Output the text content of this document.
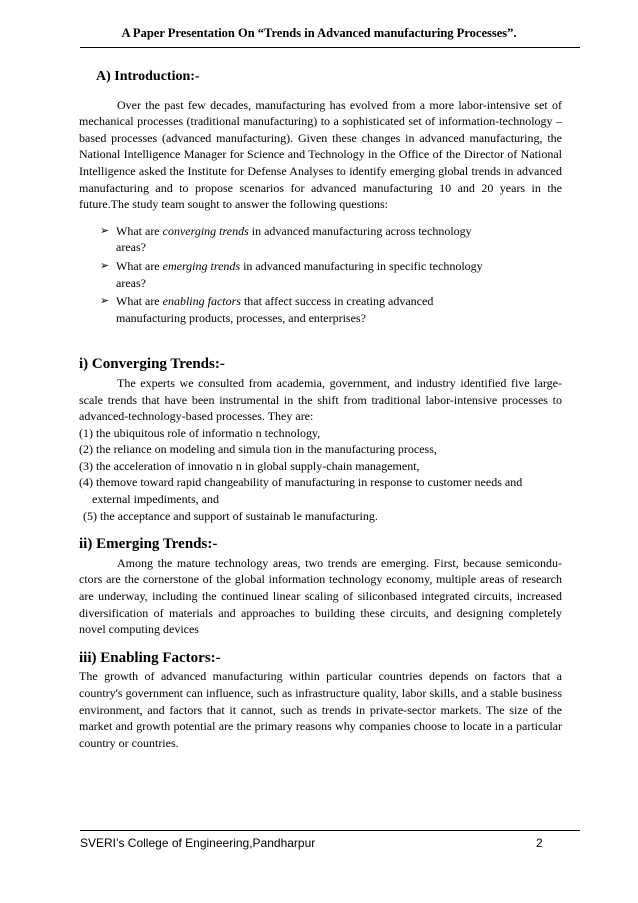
A Paper Presentation On “Trends in Advanced manufacturing Processes”.
A) Introduction:-

Over the past few decades, manufacturing has evolved from a more labor-intensive set of mechanical processes (traditional manufacturing) to a sophisticated set of information-technology –based processes (advanced manufacturing). Given these changes in advanced manufacturing, the National Intelligence Manager for Science and Technology in the Office of the Director of National Intelligence asked the Institute for Defense Analyses to identify emerging global trends in advanced manufacturing and to propose scenarios for advanced manufacturing 10 and 20 years in the future.The study team sought to answer the following questions:

➢ What are converging trends in advanced manufacturing across technology
areas?
➢ What are emerging trends in advanced manufacturing in specific technology
areas?
➢ What are enabling factors that affect success in creating advanced
manufacturing products, processes, and enterprises?
i) Converging Trends:-

The experts we consulted from academia, government, and industry identified five large-scale trends that have been instrumental in the shift from traditional labor-intensive processes to advanced-technology-based processes. They are:

(1) the ubiquitous role of informatio n technology,
(2) the reliance on modeling and simula tion in the manufacturing process,
(3) the acceleration of innovatio n in global supply-chain management,
(4) themove toward rapid changeability of manufacturing in response to customer needs and external impediments, and
(5) the acceptance and support of sustainab le manufacturing.
ii) Emerging Trends:-

Among the mature technology areas, two trends are emerging. First, because semicondu- ctors are the cornerstone of the global information technology economy, multiple areas of research are underway, including the continued linear scaling of siliconbased integrated circuits, increased diversification of materials and approaches to building these circuits, and designing completely novel computing devices

iii) Enabling Factors:-

The growth of advanced manufacturing within particular countries depends on factors that a country's government can influence, such as infrastructure quality, labor skills, and a stable business environment, and factors that it cannot, such as trends in private-sector markets. The size of the market and growth potential are the primary reasons why companies choose to locate in a particular country or countries.

SVERI’s College of Engineering,Pandharpur	2
